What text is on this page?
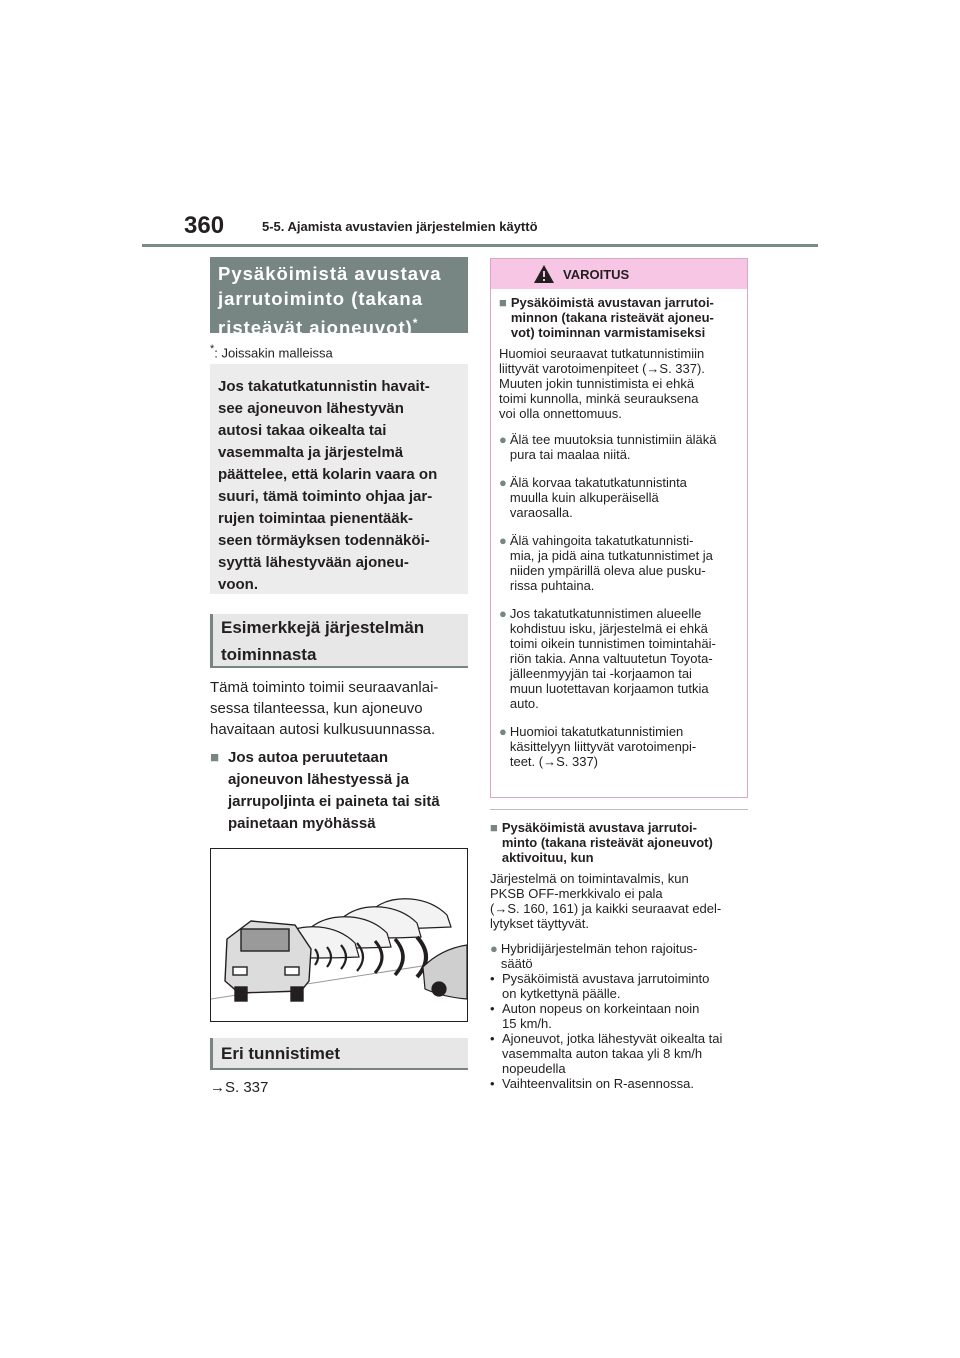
360	5-5. Ajamista avustavien järjestelmien käyttö
Pysäköimistä avustava
jarrutoiminto (takana
risteävät ajoneuvot)*
*: Joissakin malleissa
Jos takatutkatunnistin havait-
see ajoneuvon lähestyvän
autosi takaa oikealta tai
vasemmalta ja järjestelmä
päättelee, että kolarin vaara on
suuri, tämä toiminto ohjaa jar-
rujen toimintaa pienentääk-
seen törmäyksen todennäköi-
syyttä lähestyvään ajoneu-
voon.
Esimerkkejä järjestelmän
toiminnasta
Tämä toiminto toimii seuraavanlai-
sessa tilanteessa, kun ajoneuvo
havaitaan autosi kulkusuunnassa.
■ Jos autoa peruutetaan
ajoneuvon lähestyessä ja
jarrupoljinta ei paineta tai sitä
painetaan myöhässä
Eri tunnistimet
→S. 337
VAROITUS
■ Pysäköimistä avustavan jarrutoi-
minnon (takana risteävät ajoneu-
vot) toiminnan varmistamiseksi
Huomioi seuraavat tutkatunnistimiin
liittyvät varotoimenpiteet (→S. 337).
Muuten jokin tunnistimista ei ehkä
toimi kunnolla, minkä seurauksena
voi olla onnettomuus.
● Älä tee muutoksia tunnistimiin äläkä
pura tai maalaa niitä.
● Älä korvaa takatutkatunnistinta
muulla kuin alkuperäisellä
varaosalla.
● Älä vahingoita takatutkatunnisti-
mia, ja pidä aina tutkatunnistimet ja
niiden ympärillä oleva alue pusku-
rissa puhtaina.
● Jos takatutkatunnistimen alueelle
kohdistuu isku, järjestelmä ei ehkä
toimi oikein tunnistimen toimintahäi-
riön takia. Anna valtuutetun Toyota-
jälleenmyyjän tai -korjaamon tai
muun luotettavan korjaamon tutkia
auto.
● Huomioi takatutkatunnistimien
käsittelyyn liittyvät varotoimenpi-
teet. (→S. 337)
■ Pysäköimistä avustava jarrutoi-
minto (takana risteävät ajoneuvot)
aktivoituu, kun
Järjestelmä on toimintavalmis, kun
PKSB OFF-merkkivalo ei pala
(→S. 160, 161) ja kaikki seuraavat edel-
lytykset täyttyvät.
● Hybridijärjestelmän tehon rajoitus-
säätö
• Pysäköimistä avustava jarrutoiminto
on kytkettynä päälle.
• Auton nopeus on korkeintaan noin
15 km/h.
• Ajoneuvot, jotka lähestyvät oikealta tai
vasemmalta auton takaa yli 8 km/h
nopeudella
• Vaihteenvalitsin on R-asennossa.
